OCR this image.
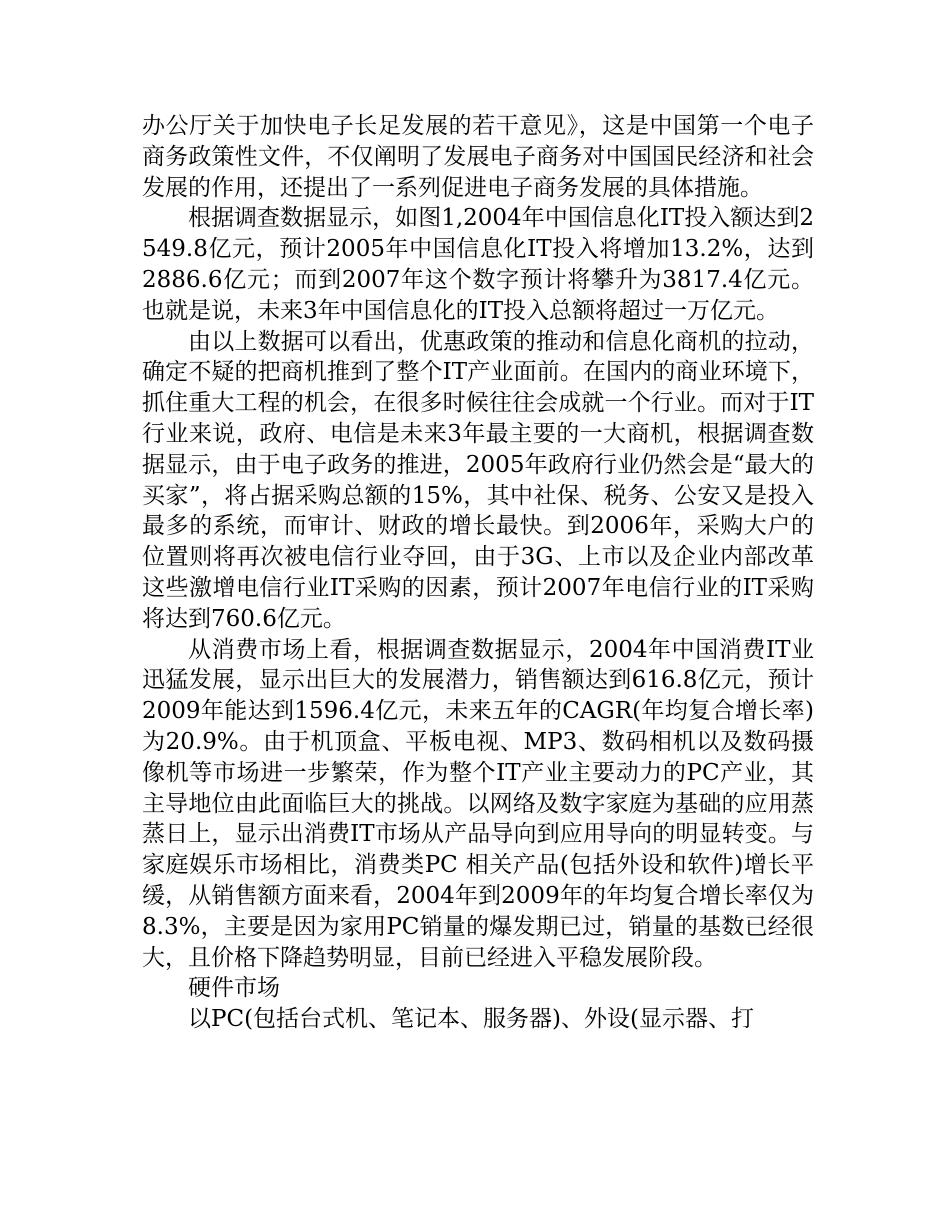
办公厅关于加快电子长足发展的若干意见》，这是中国第一个电子商务政策性文件，不仅阐明了发展电子商务对中国国民经济和社会发展的作用，还提出了一系列促进电子商务发展的具体措施。

根据调查数据显示，如图1,2004年中国信息化IT投入额达到2549.8亿元，预计2005年中国信息化IT投入将增加13.2%，达到2886.6亿元；而到2007年这个数字预计将攀升为3817.4亿元。也就是说，未来3年中国信息化的IT投入总额将超过一万亿元。

由以上数据可以看出，优惠政策的推动和信息化商机的拉动，确定不疑的把商机推到了整个IT产业面前。在国内的商业环境下，抓住重大工程的机会，在很多时候往往会成就一个行业。而对于IT行业来说，政府、电信是未来3年最主要的一大商机，根据调查数据显示，由于电子政务的推进，2005年政府行业仍然会是“最大的买家”，将占据采购总额的15%，其中社保、税务、公安又是投入最多的系统，而审计、财政的增长最快。到2006年，采购大户的位置则将再次被电信行业夺回，由于3G、上市以及企业内部改革这些激增电信行业IT采购的因素，预计2007年电信行业的IT采购将达到760.6亿元。

从消费市场上看，根据调查数据显示，2004年中国消费IT业迅猛发展，显示出巨大的发展潜力，销售额达到616.8亿元，预计2009年能达到1596.4亿元，未来五年的CAGR(年均复合增长率)为20.9%。由于机顶盒、平板电视、MP3、数码相机以及数码摄像机等市场进一步繁荣，作为整个IT产业主要动力的PC产业，其主导地位由此面临巨大的挑战。以网络及数字家庭为基础的应用蒸蒸日上，显示出消费IT市场从产品导向到应用导向的明显转变。与家庭娱乐市场相比，消费类PC 相关产品(包括外设和软件)增长平缓，从销售额方面来看，2004年到2009年的年均复合增长率仅为8.3%，主要是因为家用PC销量的爆发期已过，销量的基数已经很大，且价格下降趋势明显，目前已经进入平稳发展阶段。

硬件市场

以PC(包括台式机、笔记本、服务器)、外设(显示器、打
